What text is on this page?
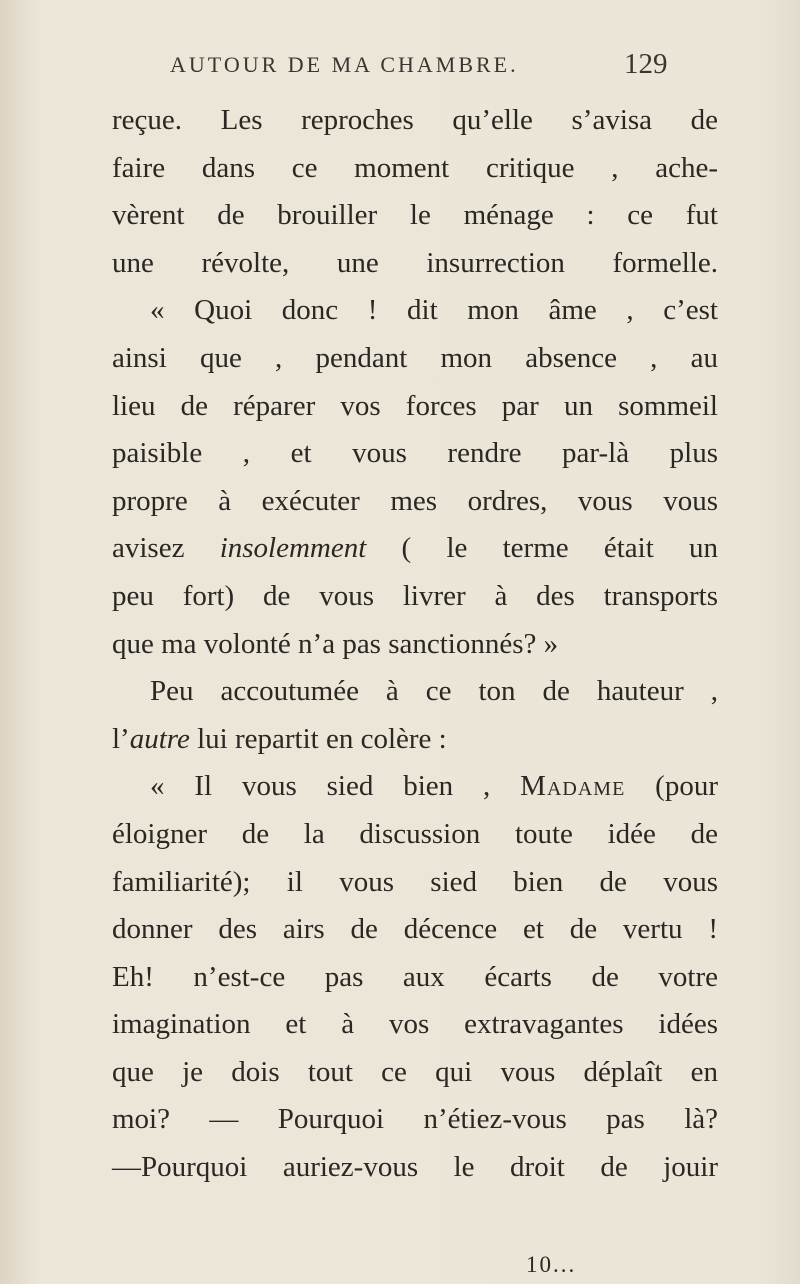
AUTOUR DE MA CHAMBRE.	129
reçue. Les reproches qu’elle s’avisa de
faire dans ce moment critique , ache-
vèrent de brouiller le ménage : ce fut
une révolte, une insurrection formelle.
« Quoi donc ! dit mon âme , c’est
ainsi que , pendant mon absence , au
lieu de réparer vos forces par un sommeil
paisible , et vous rendre par-là plus
propre à exécuter mes ordres, vous vous
avisez insolemment ( le terme était un
peu fort) de vous livrer à des transports
que ma volonté n’a pas sanctionnés? »
Peu accoutumée à ce ton de hauteur ,
l’autre lui repartit en colère :
« Il vous sied bien , Madame (pour
éloigner de la discussion toute idée de
familiarité); il vous sied bien de vous
donner des airs de décence et de vertu !
Eh! n’est-ce pas aux écarts de votre
imagination et à vos extravagantes idées
que je dois tout ce qui vous déplaît en
moi? — Pourquoi n’étiez-vous pas là?
—Pourquoi auriez-vous le droit de jouir
10...
